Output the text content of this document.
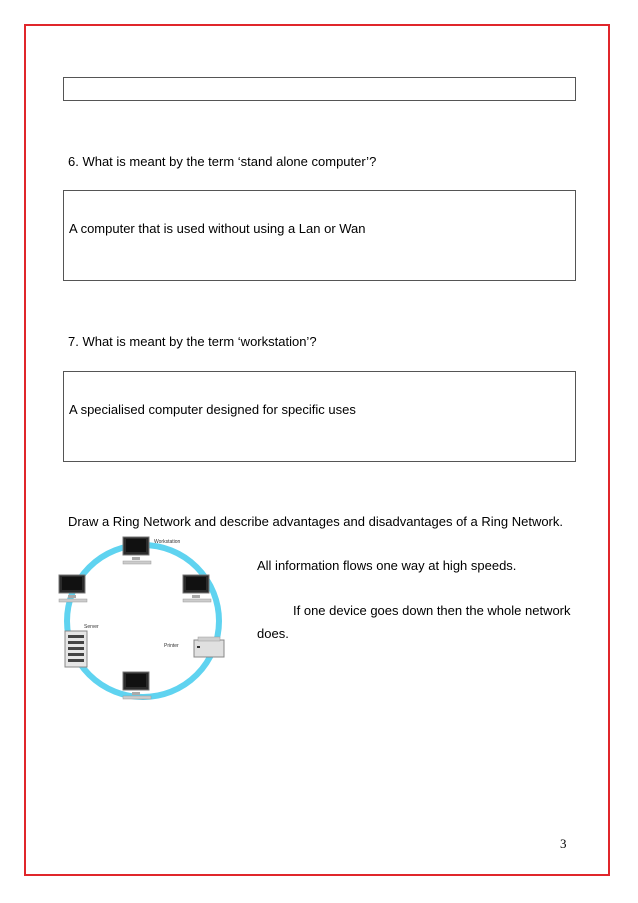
6. What is meant by the term ‘stand alone computer’?
A computer that is used without using a Lan or Wan
7. What is meant by the term ‘workstation’?
A specialised computer designed for specific uses
Draw a Ring Network and describe advantages and disadvantages of a Ring Network.
Workstation
Server
Printer
All information flows one way at high speeds.
If one device goes down then the whole network
does.
3
